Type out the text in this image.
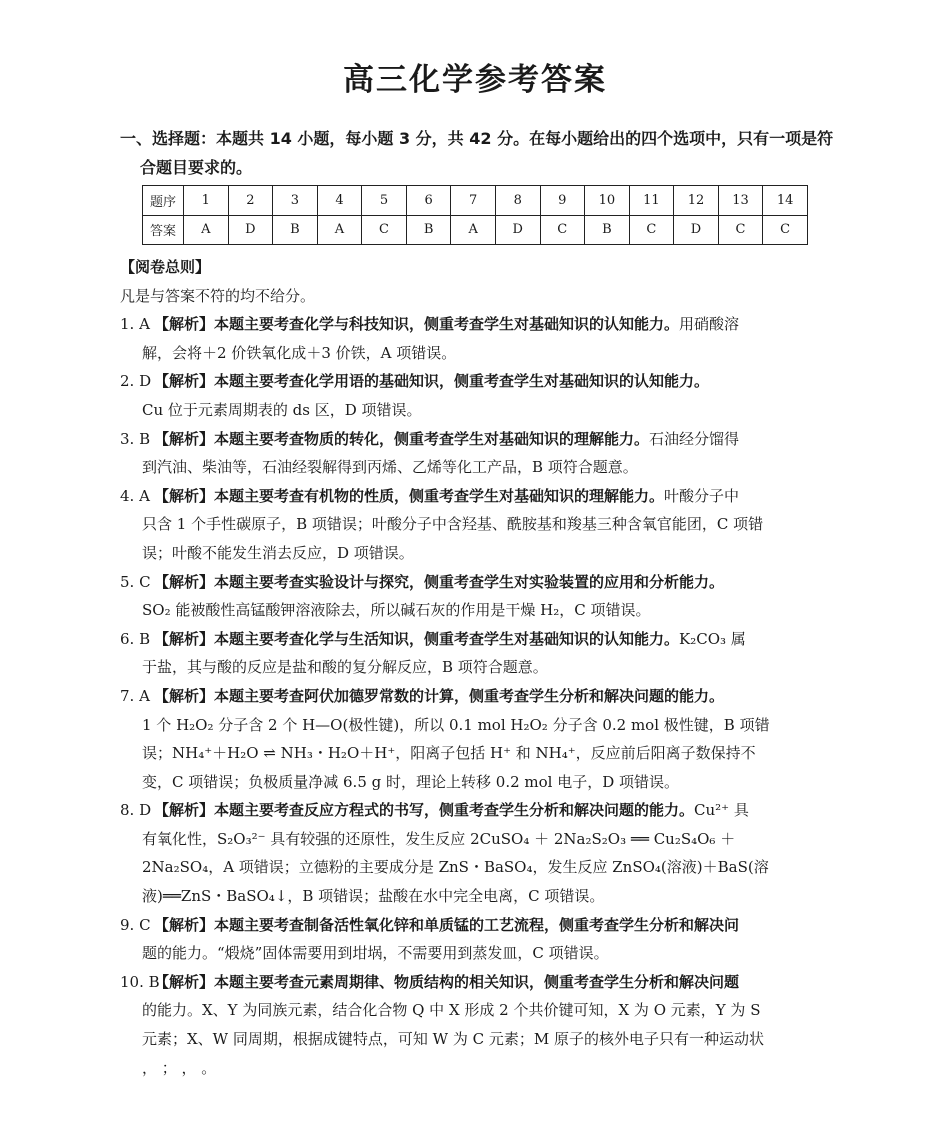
高三化学参考答案
一、选择题：本题共 14 小题，每小题 3 分，共 42 分。在每小题给出的四个选项中，只有一项是符
合题目要求的。
题序	1	2	3	4	5	6	7	8	9	10	11	12	13	14
答案	A	D	B	A	C	B	A	D	C	B	C	D	C	C
【阅卷总则】
凡是与答案不符的均不给分。
1. A 【解析】本题主要考查化学与科技知识，侧重考查学生对基础知识的认知能力。用硝酸溶
解，会将＋2 价铁氧化成＋3 价铁，A 项错误。
2. D 【解析】本题主要考查化学用语的基础知识，侧重考查学生对基础知识的认知能力。
Cu 位于元素周期表的 ds 区，D 项错误。
3. B 【解析】本题主要考查物质的转化，侧重考查学生对基础知识的理解能力。石油经分馏得
到汽油、柴油等，石油经裂解得到丙烯、乙烯等化工产品，B 项符合题意。
4. A 【解析】本题主要考查有机物的性质，侧重考查学生对基础知识的理解能力。叶酸分子中
只含 1 个手性碳原子，B 项错误；叶酸分子中含羟基、酰胺基和羧基三种含氧官能团，C 项错
误；叶酸不能发生消去反应，D 项错误。
5. C 【解析】本题主要考查实验设计与探究，侧重考查学生对实验装置的应用和分析能力。
SO₂ 能被酸性高锰酸钾溶液除去，所以碱石灰的作用是干燥 H₂，C 项错误。
6. B 【解析】本题主要考查化学与生活知识，侧重考查学生对基础知识的认知能力。K₂CO₃ 属
于盐，其与酸的反应是盐和酸的复分解反应，B 项符合题意。
7. A 【解析】本题主要考查阿伏加德罗常数的计算，侧重考查学生分析和解决问题的能力。
1 个 H₂O₂ 分子含 2 个 H—O(极性键)，所以 0.1 mol H₂O₂ 分子含 0.2 mol 极性键，B 项错
误；NH₄⁺＋H₂O ⇌ NH₃・H₂O＋H⁺，阳离子包括 H⁺ 和 NH₄⁺，反应前后阳离子数保持不
变，C 项错误；负极质量净减 6.5 g 时，理论上转移 0.2 mol 电子，D 项错误。
8. D 【解析】本题主要考查反应方程式的书写，侧重考查学生分析和解决问题的能力。Cu²⁺ 具
有氧化性，S₂O₃²⁻ 具有较强的还原性，发生反应 2CuSO₄ ＋ 2Na₂S₂O₃ ══ Cu₂S₄O₆ ＋
2Na₂SO₄，A 项错误；立德粉的主要成分是 ZnS・BaSO₄，发生反应 ZnSO₄(溶液)＋BaS(溶
液)══ZnS・BaSO₄↓，B 项错误；盐酸在水中完全电离，C 项错误。
9. C 【解析】本题主要考查制备活性氧化锌和单质锰的工艺流程，侧重考查学生分析和解决问
题的能力。“煅烧”固体需要用到坩埚，不需要用到蒸发皿，C 项错误。
10. B【解析】本题主要考查元素周期律、物质结构的相关知识，侧重考查学生分析和解决问题
的能力。X、Y 为同族元素，结合化合物 Q 中 X 形成 2 个共价键可知，X 为 O 元素，Y 为 S
元素；X、W 同周期，根据成键特点，可知 W 为 C 元素；M 原子的核外电子只有一种运动状
， ； ， 。
